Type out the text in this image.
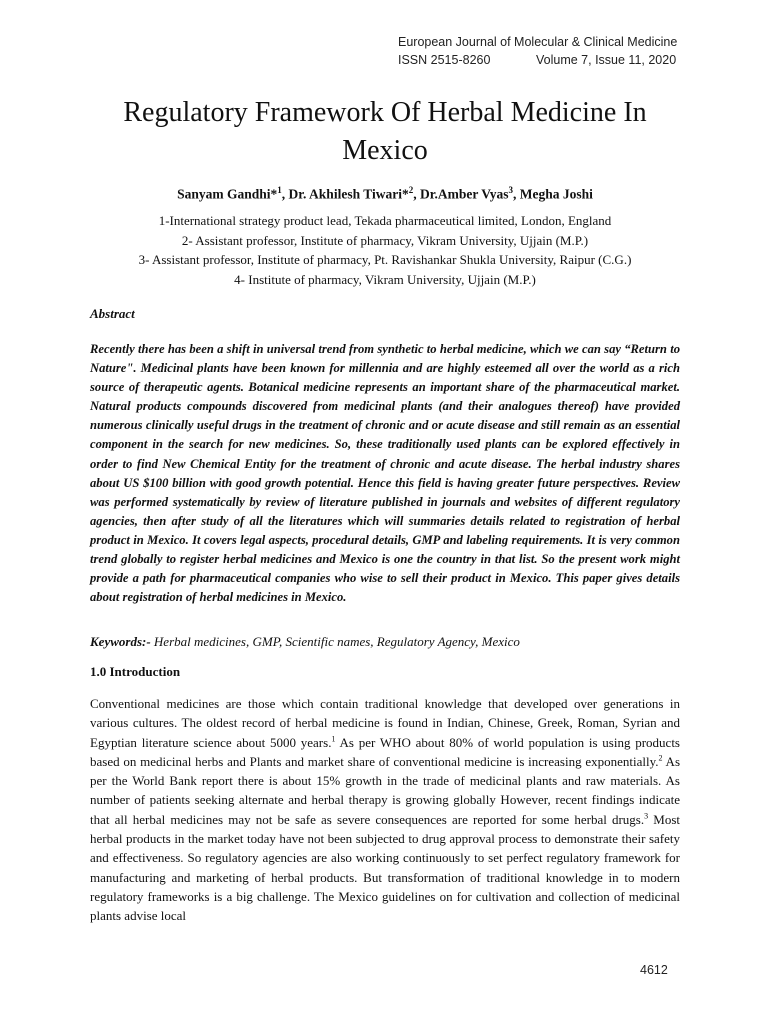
European Journal of Molecular & Clinical Medicine
ISSN 2515-8260	Volume 7, Issue 11, 2020
Regulatory Framework Of Herbal Medicine In Mexico
Sanyam Gandhi*$^1$, Dr. Akhilesh Tiwari*$^2$, Dr.Amber Vyas$^3$, Megha Joshi
1-International strategy product lead, Tekada pharmaceutical limited, London, England
2- Assistant professor, Institute of pharmacy, Vikram University, Ujjain (M.P.)
3- Assistant professor, Institute of pharmacy, Pt. Ravishankar Shukla University, Raipur (C.G.)
4- Institute of pharmacy, Vikram University, Ujjain (M.P.)
Abstract

Recently there has been a shift in universal trend from synthetic to herbal medicine, which we can say “Return to Nature". Medicinal plants have been known for millennia and are highly esteemed all over the world as a rich source of therapeutic agents. Botanical medicine represents an important share of the pharmaceutical market. Natural products compounds discovered from medicinal plants (and their analogues thereof) have provided numerous clinically useful drugs in the treatment of chronic and or acute disease and still remain as an essential component in the search for new medicines. So, these traditionally used plants can be explored effectively in order to find New Chemical Entity for the treatment of chronic and acute disease. The herbal industry shares about US $100 billion with good growth potential. Hence this field is having greater future perspectives. Review was performed systematically by review of literature published in journals and websites of different regulatory agencies, then after study of all the literatures which will summaries details related to registration of herbal product in Mexico. It covers legal aspects, procedural details, GMP and labeling requirements. It is very common trend globally to register herbal medicines and Mexico is one the country in that list. So the present work might provide a path for pharmaceutical companies who wise to sell their product in Mexico. This paper gives details about registration of herbal medicines in Mexico.

Keywords:- Herbal medicines, GMP, Scientific names, Regulatory Agency, Mexico
1.0 Introduction

Conventional medicines are those which contain traditional knowledge that developed over generations in various cultures. The oldest record of herbal medicine is found in Indian, Chinese, Greek, Roman, Syrian and Egyptian literature science about 5000 years.$^1$ As per WHO about 80% of world population is using products based on medicinal herbs and Plants and market share of conventional medicine is increasing exponentially.$^2$ As per the World Bank report there is about 15% growth in the trade of medicinal plants and raw materials. As number of patients seeking alternate and herbal therapy is growing globally However, recent findings indicate that all herbal medicines may not be safe as severe consequences are reported for some herbal drugs.$^3$ Most herbal products in the market today have not been subjected to drug approval process to demonstrate their safety and effectiveness. So regulatory agencies are also working continuously to set perfect regulatory framework for manufacturing and marketing of herbal products. But transformation of traditional knowledge in to modern regulatory frameworks is a big challenge. The Mexico guidelines on for cultivation and collection of medicinal plants advise local

4612
